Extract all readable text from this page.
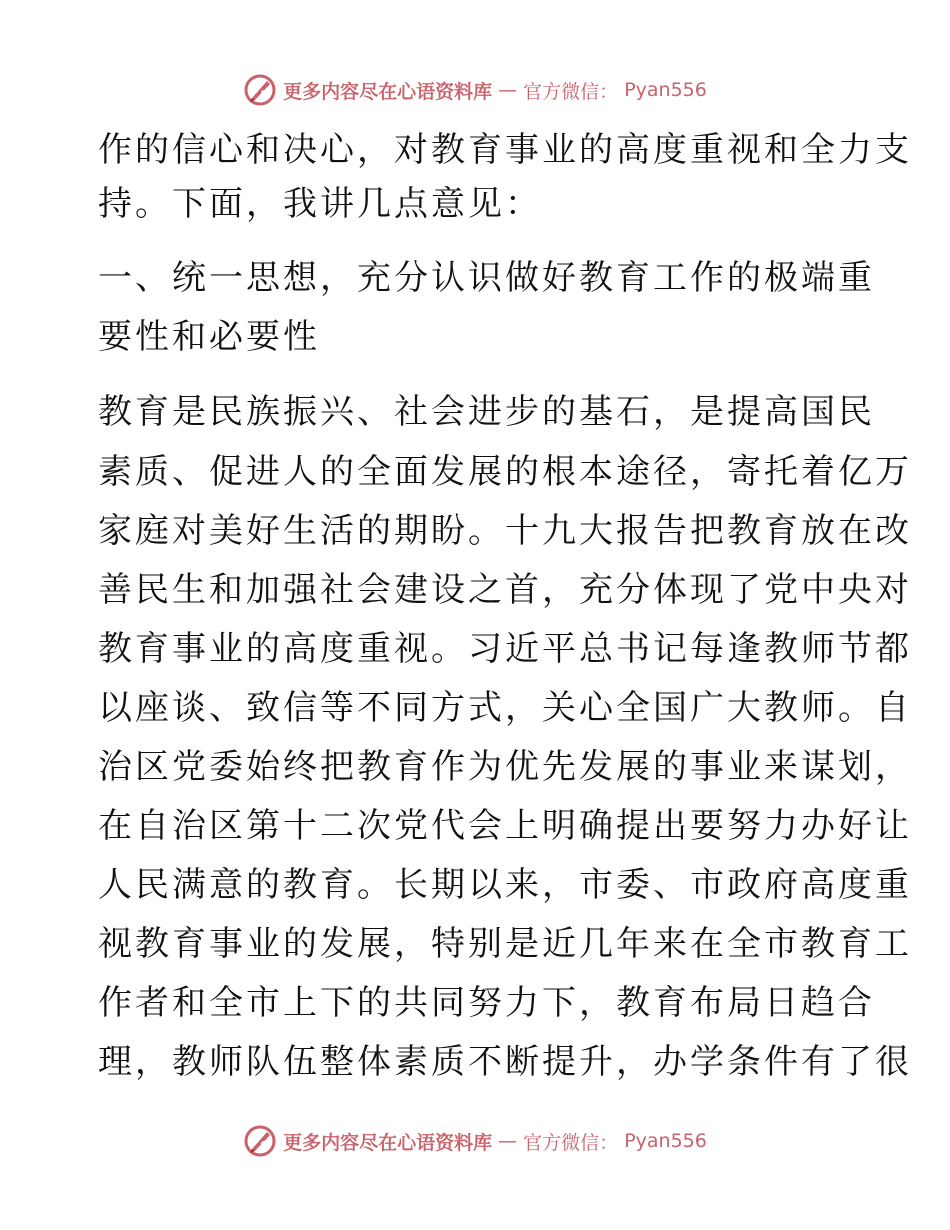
更多内容尽在心语资料库 — 官方微信： Pyan556
作的信心和决心，对教育事业的高度重视和全力支
持。下面，我讲几点意见：
一、统一思想，充分认识做好教育工作的极端重
要性和必要性
教育是民族振兴、社会进步的基石，是提高国民
素质、促进人的全面发展的根本途径，寄托着亿万
家庭对美好生活的期盼。十九大报告把教育放在改
善民生和加强社会建设之首，充分体现了党中央对
教育事业的高度重视。习近平总书记每逢教师节都
以座谈、致信等不同方式，关心全国广大教师。自
治区党委始终把教育作为优先发展的事业来谋划，
在自治区第十二次党代会上明确提出要努力办好让
人民满意的教育。长期以来，市委、市政府高度重
视教育事业的发展，特别是近几年来在全市教育工
作者和全市上下的共同努力下，教育布局日趋合
理，教师队伍整体素质不断提升，办学条件有了很
更多内容尽在心语资料库 — 官方微信： Pyan556
